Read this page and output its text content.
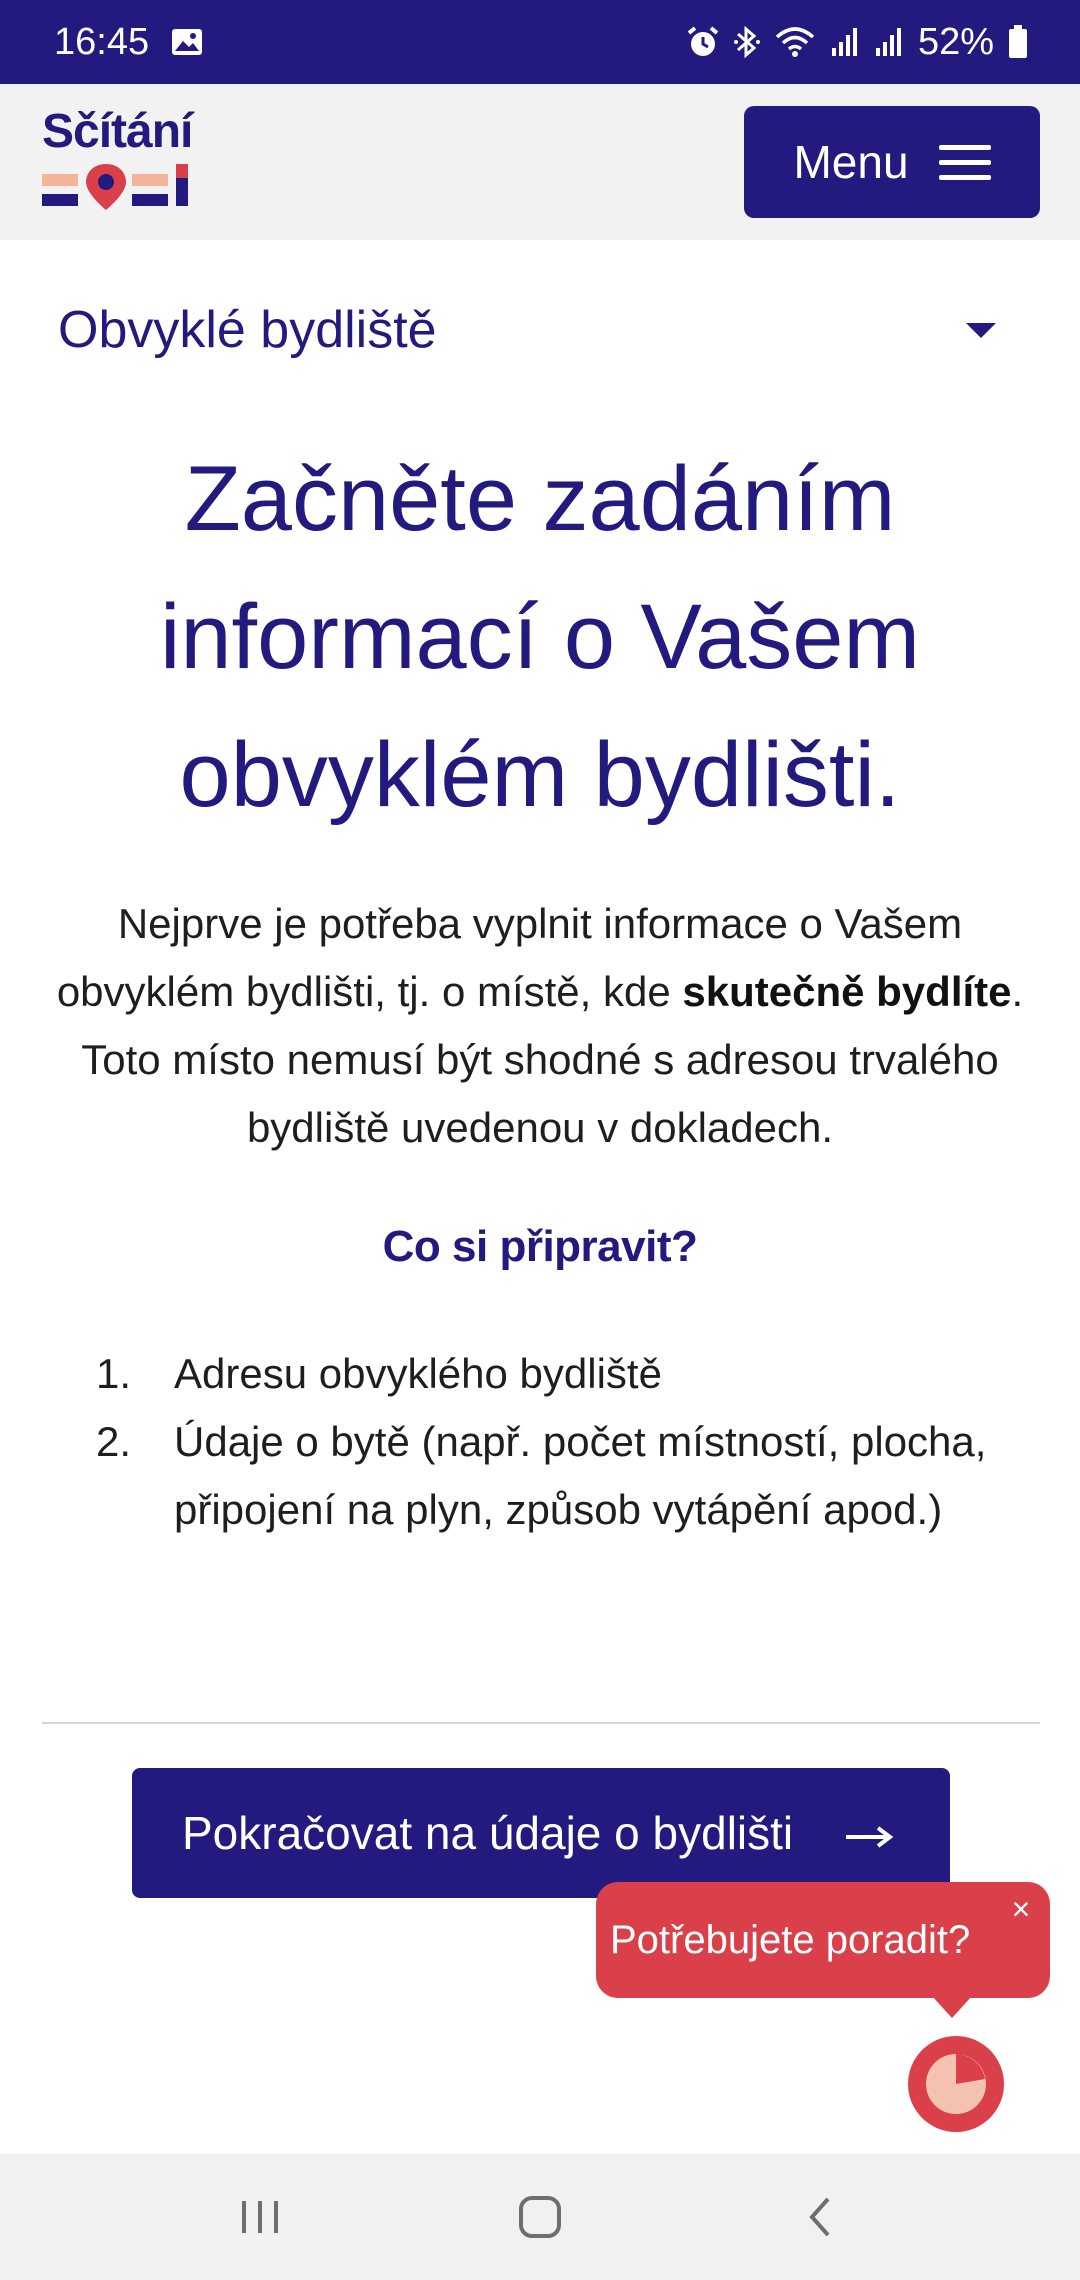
16:45	52%
Sčítání
2021
Menu
Obvyklé bydliště
Začněte zadáním informací o Vašem obvyklém bydlišti.

Nejprve je potřeba vyplnit informace o Vašem obvyklém bydlišti, tj. o místě, kde skutečně bydlíte. Toto místo nemusí být shodné s adresou trvalého bydliště uvedenou v dokladech.

Co si připravit?
1.	Adresu obvyklého bydliště
2.	Údaje o bytě (např. počet místností, plocha, připojení na plyn, způsob vytápění apod.)
Pokračovat na údaje o bydlišti
Potřebujete poradit?
×
